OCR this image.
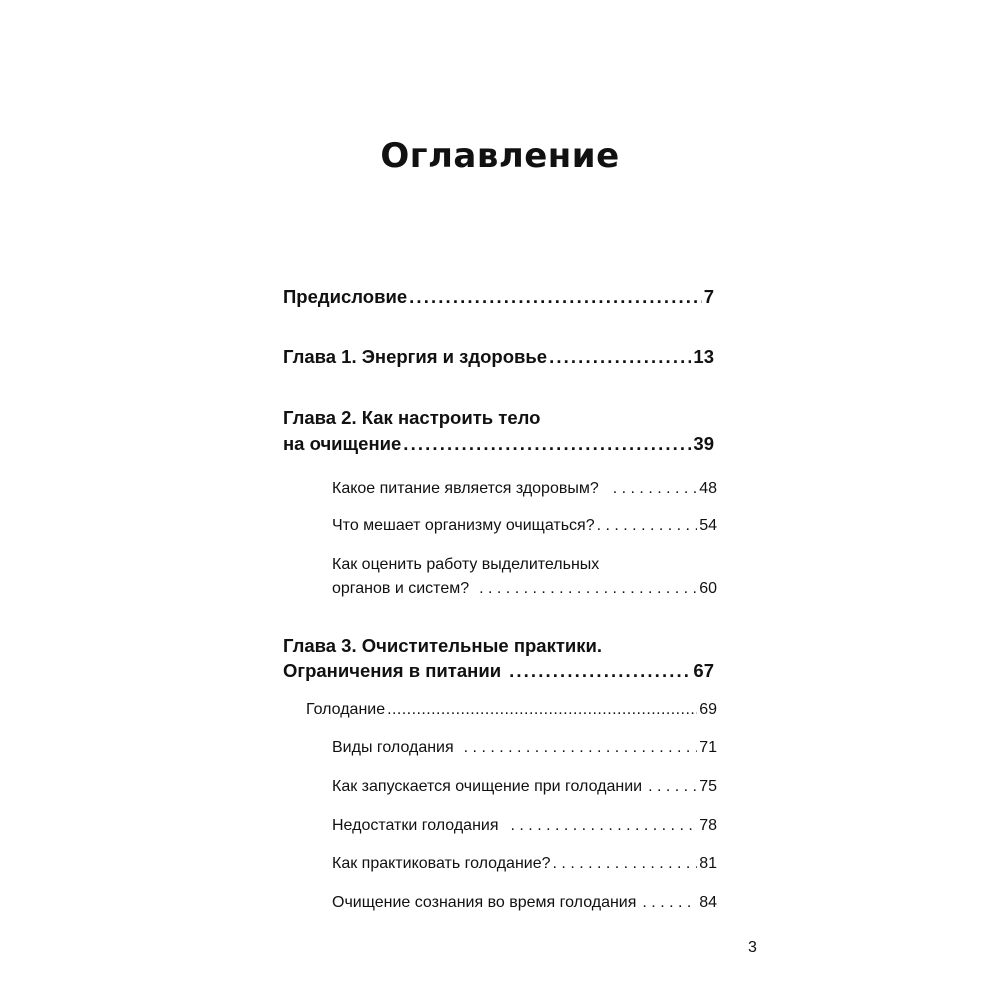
Оглавление
Предисловие . . .	7
Глава 1. Энергия и здоровье . . .	13
Глава 2. Как настроить тело
на очищение . . .	39
Какое питание является здоровым? . . .	48
Что мешает организму очищаться? . . .	54
Как оценить работу выделительных
органов и систем? . . .	60
Глава 3. Очистительные практики.
Ограничения в питании . . .	67
Голодание . . .	69
Виды голодания . . .	71
Как запускается очищение при голодании . . .	75
Недостатки голодания . . .	78
Как практиковать голодание? . . .	81
Очищение сознания во время голодания . . .	84
3
